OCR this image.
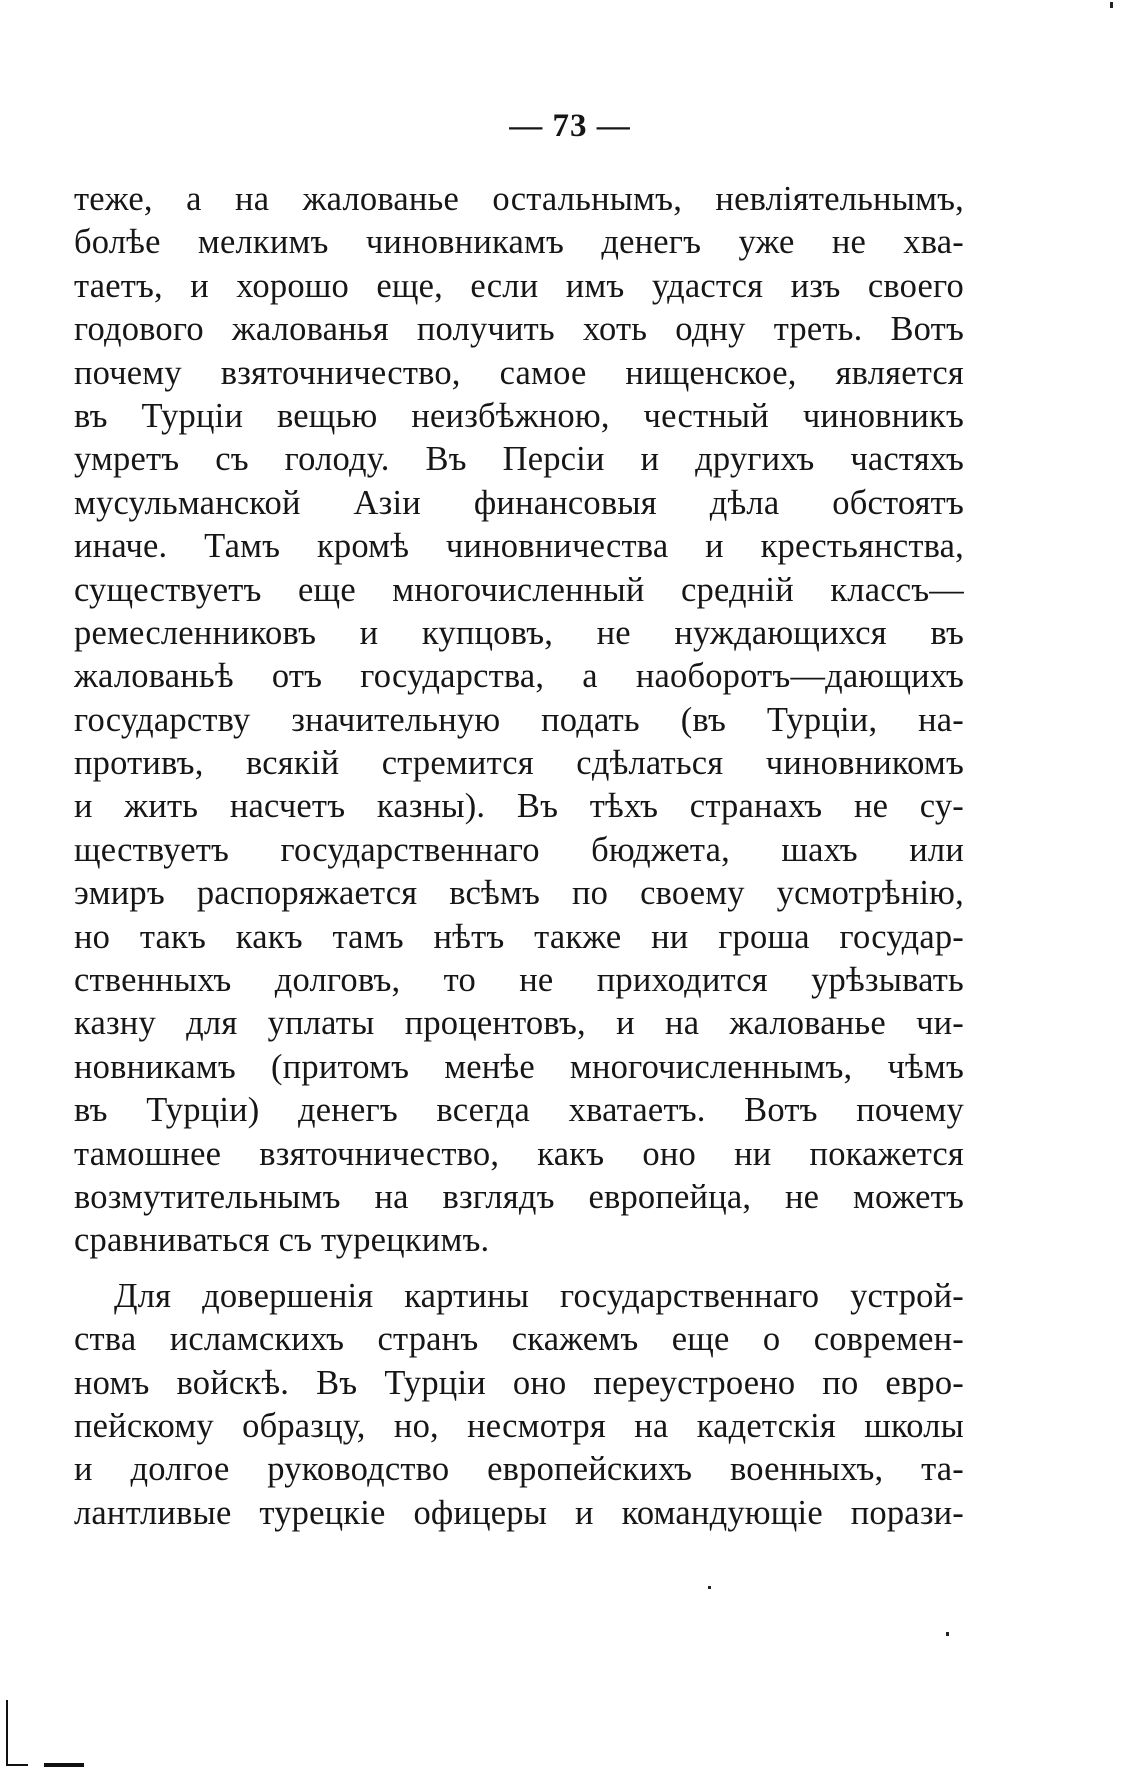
— 73 —
теже, а на жалованье остальнымъ, невліятельнымъ,
болѣе мелкимъ чиновникамъ денегъ уже не хва-
таетъ, и хорошо еще, если имъ удастся изъ своего
годового жалованья получить хоть одну треть. Вотъ
почему взяточничество, самое нищенское, является
въ Турціи вещью неизбѣжною, честный чиновникъ
умретъ съ голоду. Въ Персіи и другихъ частяхъ
мусульманской Азіи финансовыя дѣла обстоятъ
иначе. Тамъ кромѣ чиновничества и крестьянства,
существуетъ еще многочисленный средній классъ—
ремесленниковъ и купцовъ, не нуждающихся въ
жалованьѣ отъ государства, а наоборотъ—дающихъ
государству значительную подать (въ Турціи, на-
противъ, всякій стремится сдѣлаться чиновникомъ
и жить насчетъ казны). Въ тѣхъ странахъ не су-
ществуетъ государственнаго бюджета, шахъ или
эмиръ распоряжается всѣмъ по своему усмотрѣнію,
но такъ какъ тамъ нѣтъ также ни гроша государ-
ственныхъ долговъ, то не приходится урѣзывать
казну для уплаты процентовъ, и на жалованье чи-
новникамъ (притомъ менѣе многочисленнымъ, чѣмъ
въ Турціи) денегъ всегда хватаетъ. Вотъ почему
тамошнее взяточничество, какъ оно ни покажется
возмутительнымъ на взглядъ европейца, не можетъ
сравниваться съ турецкимъ.
Для довершенія картины государственнаго устрой-
ства исламскихъ странъ скажемъ еще о современ-
номъ войскѣ. Въ Турціи оно переустроено по евро-
пейскому образцу, но, несмотря на кадетскія школы
и долгое руководство европейскихъ военныхъ, та-
лантливые турецкіе офицеры и командующіе порази-
